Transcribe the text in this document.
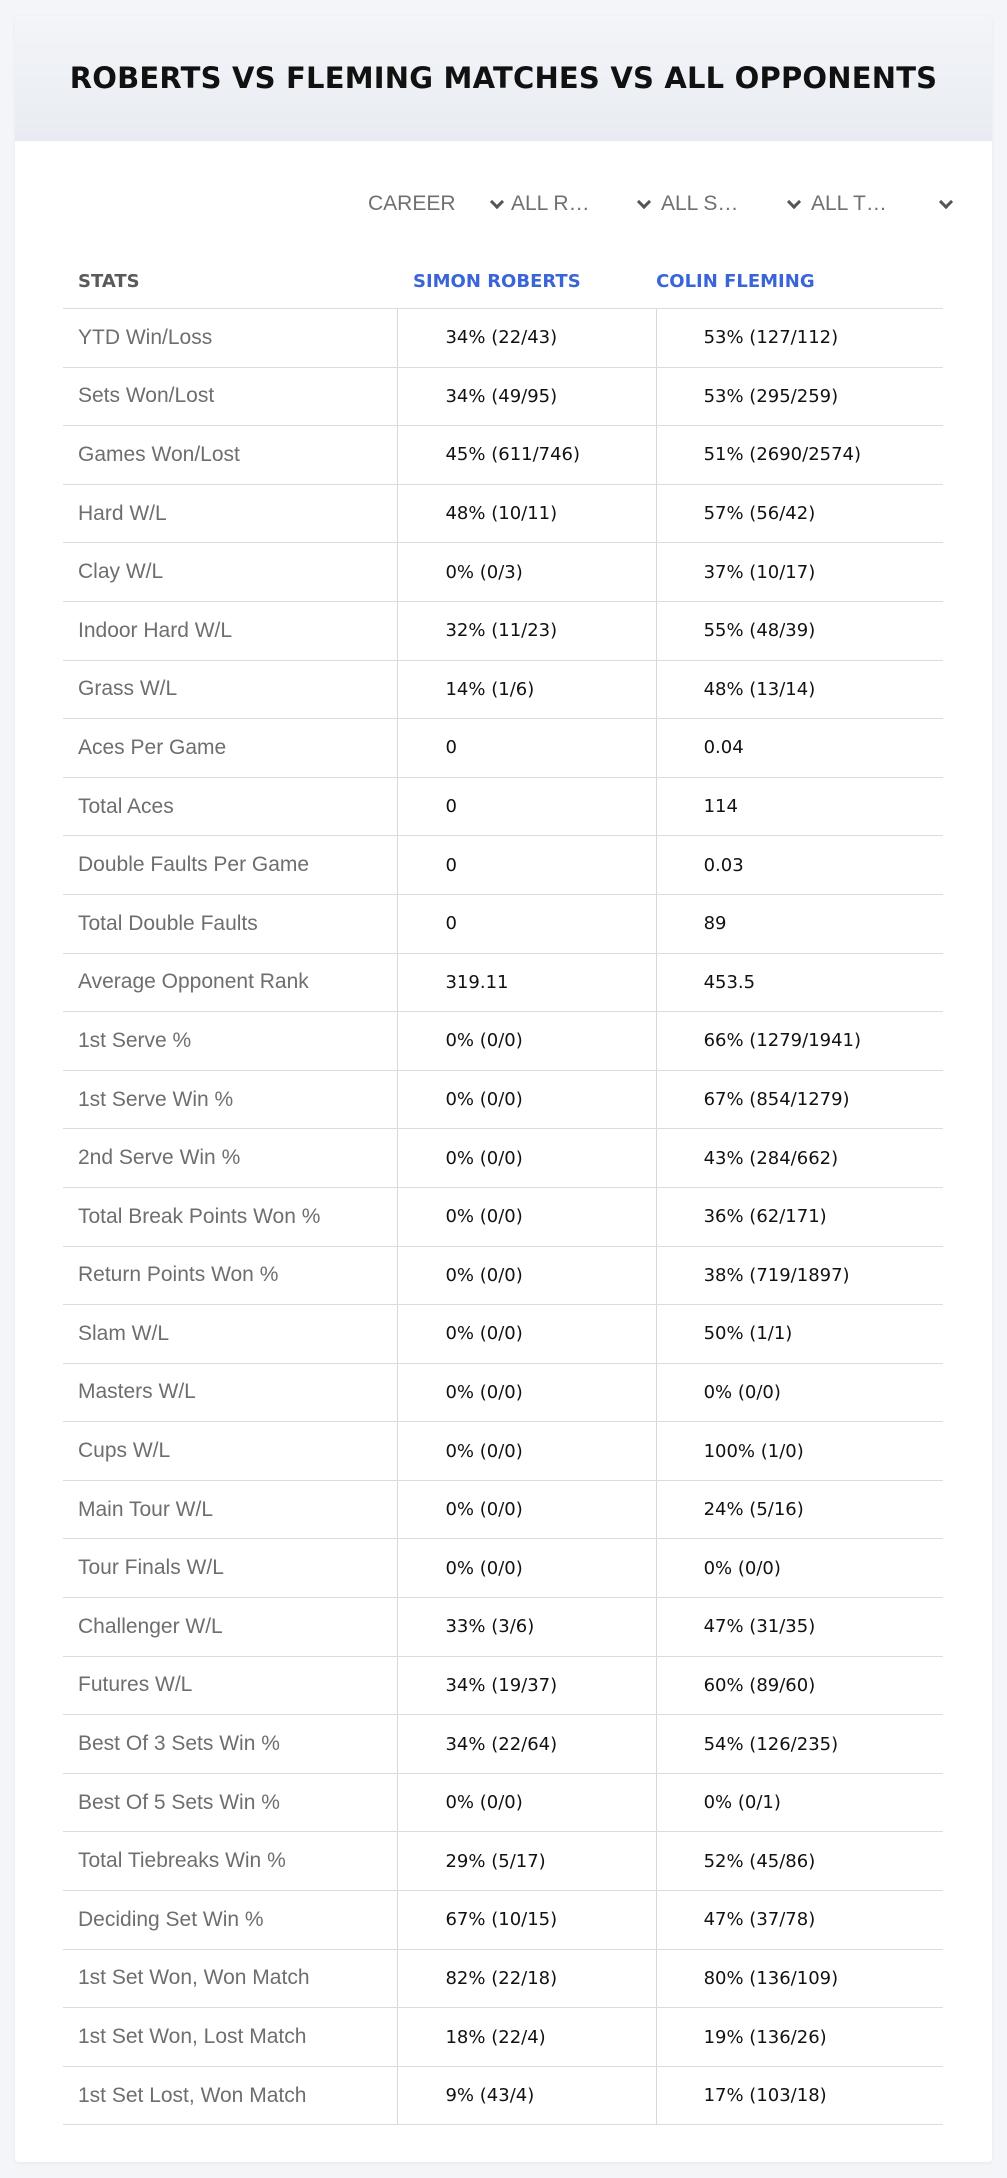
ROBERTS VS FLEMING MATCHES VS ALL OPPONENTS
CAREER	ALL R…	ALL S…	ALL T…
STATS	SIMON ROBERTS	COLIN FLEMING
YTD Win/Loss	34% (22/43)	53% (127/112)
Sets Won/Lost	34% (49/95)	53% (295/259)
Games Won/Lost	45% (611/746)	51% (2690/2574)
Hard W/L	48% (10/11)	57% (56/42)
Clay W/L	0% (0/3)	37% (10/17)
Indoor Hard W/L	32% (11/23)	55% (48/39)
Grass W/L	14% (1/6)	48% (13/14)
Aces Per Game	0	0.04
Total Aces	0	114
Double Faults Per Game	0	0.03
Total Double Faults	0	89
Average Opponent Rank	319.11	453.5
1st Serve %	0% (0/0)	66% (1279/1941)
1st Serve Win %	0% (0/0)	67% (854/1279)
2nd Serve Win %	0% (0/0)	43% (284/662)
Total Break Points Won %	0% (0/0)	36% (62/171)
Return Points Won %	0% (0/0)	38% (719/1897)
Slam W/L	0% (0/0)	50% (1/1)
Masters W/L	0% (0/0)	0% (0/0)
Cups W/L	0% (0/0)	100% (1/0)
Main Tour W/L	0% (0/0)	24% (5/16)
Tour Finals W/L	0% (0/0)	0% (0/0)
Challenger W/L	33% (3/6)	47% (31/35)
Futures W/L	34% (19/37)	60% (89/60)
Best Of 3 Sets Win %	34% (22/64)	54% (126/235)
Best Of 5 Sets Win %	0% (0/0)	0% (0/1)
Total Tiebreaks Win %	29% (5/17)	52% (45/86)
Deciding Set Win %	67% (10/15)	47% (37/78)
1st Set Won, Won Match	82% (22/18)	80% (136/109)
1st Set Won, Lost Match	18% (22/4)	19% (136/26)
1st Set Lost, Won Match	9% (43/4)	17% (103/18)
